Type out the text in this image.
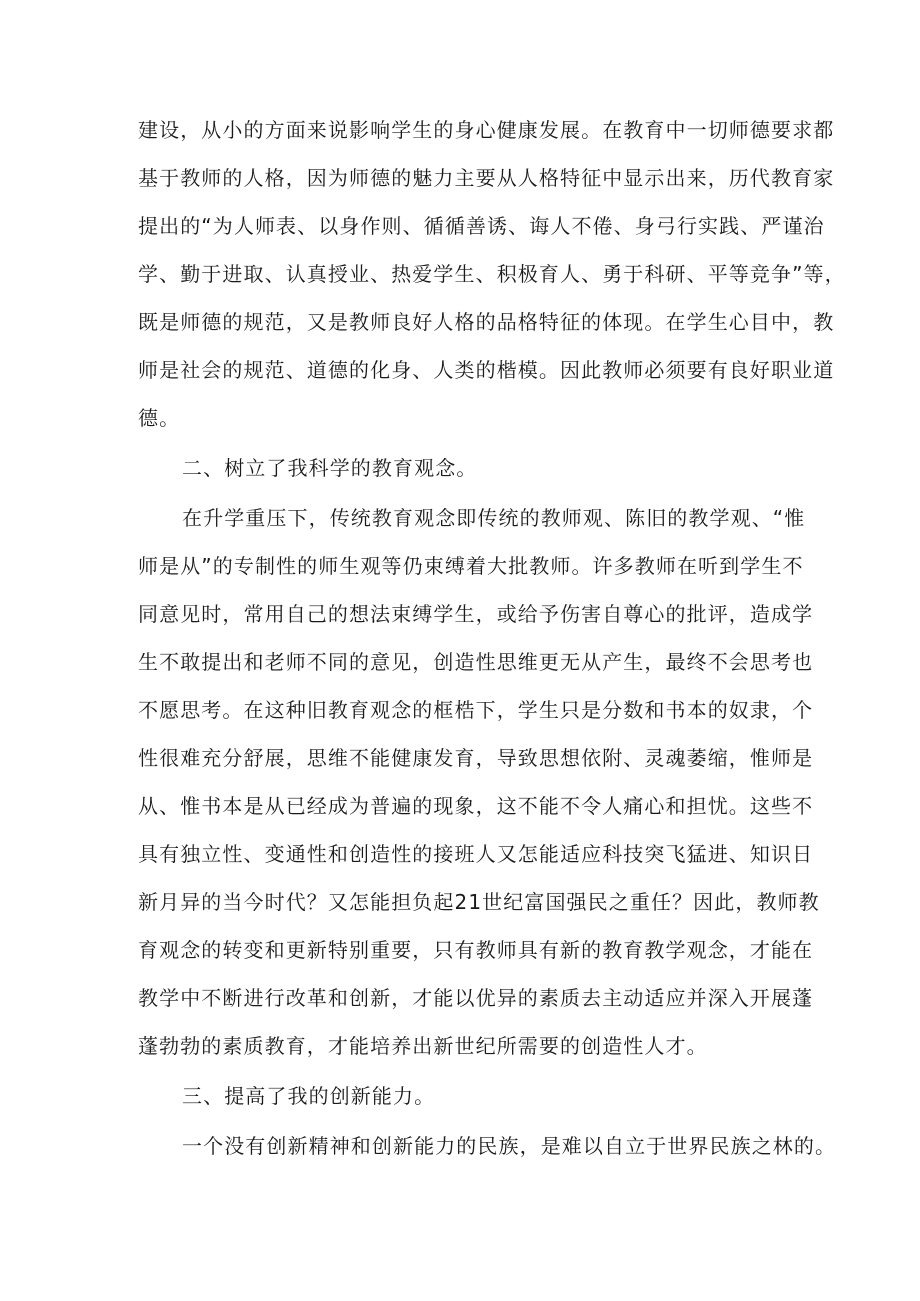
建设，从小的方面来说影响学生的身心健康发展。在教育中一切师德要求都
基于教师的人格，因为师德的魅力主要从人格特征中显示出来，历代教育家
提出的“为人师表、以身作则、循循善诱、诲人不倦、身弓行实践、严谨治
学、勤于进取、认真授业、热爱学生、积极育人、勇于科研、平等竞争”等，
既是师德的规范，又是教师良好人格的品格特征的体现。在学生心目中，教
师是社会的规范、道德的化身、人类的楷模。因此教师必须要有良好职业道
德。
二、树立了我科学的教育观念。
在升学重压下，传统教育观念即传统的教师观、陈旧的教学观、“惟
师是从”的专制性的师生观等仍束缚着大批教师。许多教师在听到学生不
同意见时，常用自己的想法束缚学生，或给予伤害自尊心的批评，造成学
生不敢提出和老师不同的意见，创造性思维更无从产生，最终不会思考也
不愿思考。在这种旧教育观念的框梏下，学生只是分数和书本的奴隶，个
性很难充分舒展，思维不能健康发育，导致思想依附、灵魂萎缩，惟师是
从、惟书本是从已经成为普遍的现象，这不能不令人痛心和担忧。这些不
具有独立性、变通性和创造性的接班人又怎能适应科技突飞猛进、知识日
新月异的当今时代？又怎能担负起21世纪富国强民之重任？因此，教师教
育观念的转变和更新特别重要，只有教师具有新的教育教学观念，才能在
教学中不断进行改革和创新，才能以优异的素质去主动适应并深入开展蓬
蓬勃勃的素质教育，才能培养出新世纪所需要的创造性人才。
三、提高了我的创新能力。
一个没有创新精神和创新能力的民族，是难以自立于世界民族之林的。
